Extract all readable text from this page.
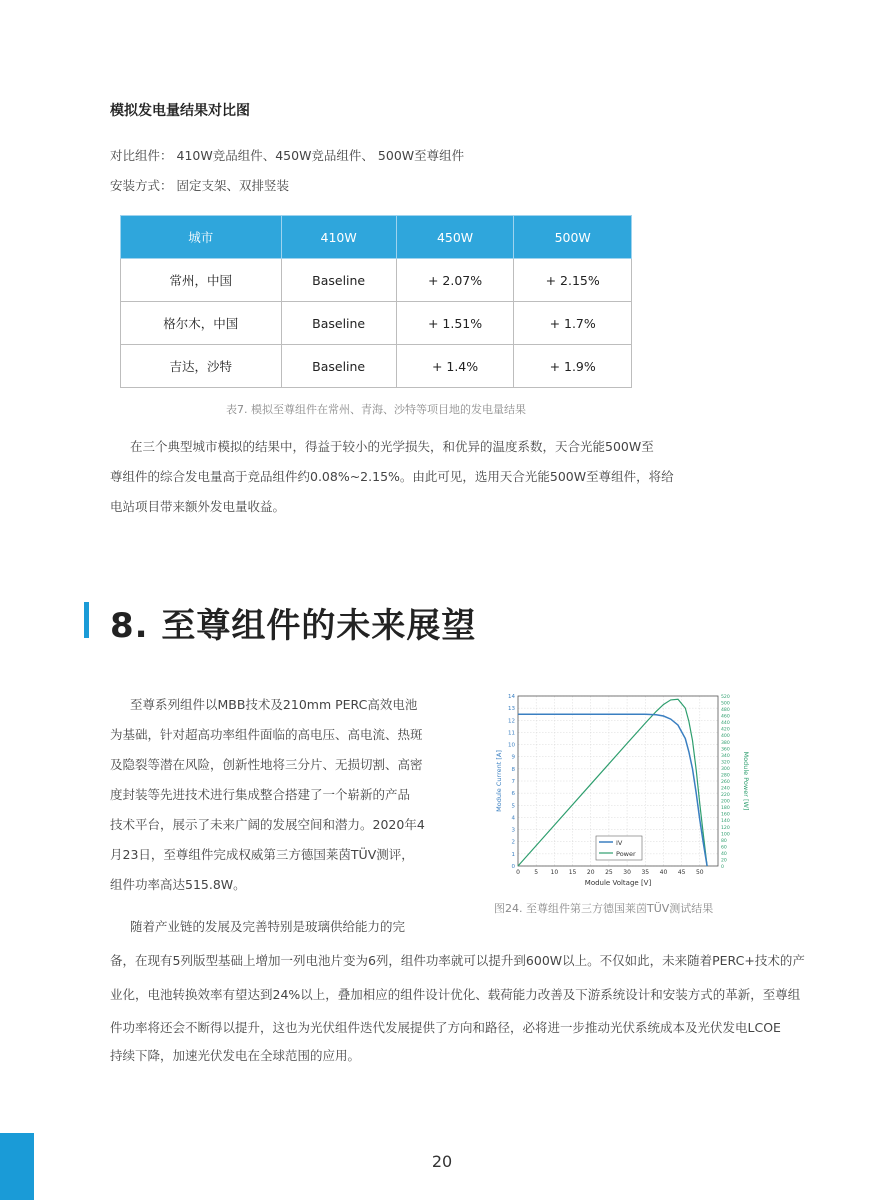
模拟发电量结果对比图
对比组件： 410W竞品组件、450W竞品组件、 500W至尊组件
安装方式： 固定支架、双排竖装
城市	410W	450W	500W
常州，中国	Baseline	+ 2.07%	+ 2.15%
格尔木，中国	Baseline	+ 1.51%	+ 1.7%
吉达，沙特	Baseline	+ 1.4%	+ 1.9%
表7. 模拟至尊组件在常州、青海、沙特等项目地的发电量结果
在三个典型城市模拟的结果中，得益于较小的光学损失，和优异的温度系数，天合光能500W至
尊组件的综合发电量高于竞品组件约0.08%~2.15%。由此可见，选用天合光能500W至尊组件，将给
电站项目带来额外发电量收益。
8. 至尊组件的未来展望
至尊系列组件以MBB技术及210mm PERC高效电池
为基础，针对超高功率组件面临的高电压、高电流、热斑
及隐裂等潜在风险，创新性地将三分片、无损切割、高密
度封装等先进技术进行集成整合搭建了一个崭新的产品
技术平台，展示了未来广阔的发展空间和潜力。2020年4
月23日，至尊组件完成权威第三方德国莱茵TÜV测评，
组件功率高达515.8W。
0
1
2
3
4
5
6
7
8
9
10
11
12
13
14
0
20
40
60
80
100
120
140
160
180
200
220
240
260
280
300
320
340
360
380
400
420
440
460
480
500
520
0 5 10 15 20 25 30 35 40 45 50
IV
Power
Module Voltage [V]
Module Current [A]	Module Power [W]
图24. 至尊组件第三方德国莱茵TÜV测试结果
随着产业链的发展及完善特别是玻璃供给能力的完
备，在现有5列版型基础上增加一列电池片变为6列，组件功率就可以提升到600W以上。不仅如此，未来随着PERC+技术的产
业化，电池转换效率有望达到24%以上，叠加相应的组件设计优化、载荷能力改善及下游系统设计和安装方式的革新，至尊组
件功率将还会不断得以提升，这也为光伏组件迭代发展提供了方向和路径，必将进一步推动光伏系统成本及光伏发电LCOE
持续下降，加速光伏发电在全球范围的应用。
20
